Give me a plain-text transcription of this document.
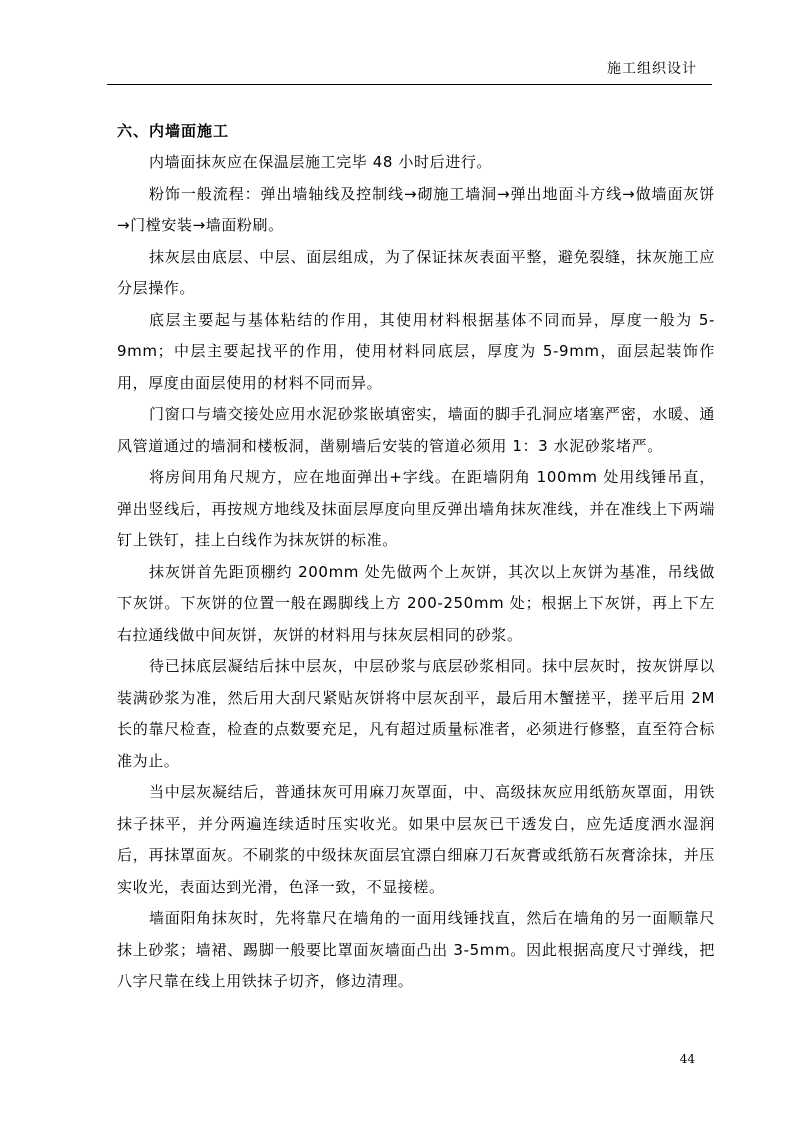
施工组织设计
六、内墙面施工

内墙面抹灰应在保温层施工完毕 48 小时后进行。

粉饰一般流程：弹出墙轴线及控制线→砌施工墙洞→弹出地面斗方线→做墙面灰饼→门樘安装→墙面粉刷。

抹灰层由底层、中层、面层组成，为了保证抹灰表面平整，避免裂缝，抹灰施工应分层操作。

底层主要起与基体粘结的作用，其使用材料根据基体不同而异，厚度一般为 5-9mm；中层主要起找平的作用，使用材料同底层，厚度为 5-9mm，面层起装饰作用，厚度由面层使用的材料不同而异。

门窗口与墙交接处应用水泥砂浆嵌填密实，墙面的脚手孔洞应堵塞严密，水暖、通风管道通过的墙洞和楼板洞，凿剔墙后安装的管道必须用 1：3 水泥砂浆堵严。

将房间用角尺规方，应在地面弹出+字线。在距墙阴角 100mm 处用线锤吊直，弹出竖线后，再按规方地线及抹面层厚度向里反弹出墙角抹灰准线，并在准线上下两端钉上铁钉，挂上白线作为抹灰饼的标准。

抹灰饼首先距顶棚约 200mm 处先做两个上灰饼，其次以上灰饼为基准，吊线做下灰饼。下灰饼的位置一般在踢脚线上方 200-250mm 处；根据上下灰饼，再上下左右拉通线做中间灰饼，灰饼的材料用与抹灰层相同的砂浆。

待已抹底层凝结后抹中层灰，中层砂浆与底层砂浆相同。抹中层灰时，按灰饼厚以装满砂浆为准，然后用大刮尺紧贴灰饼将中层灰刮平，最后用木蟹搓平，搓平后用 2M 长的靠尺检查，检查的点数要充足，凡有超过质量标准者，必须进行修整，直至符合标准为止。

当中层灰凝结后，普通抹灰可用麻刀灰罩面，中、高级抹灰应用纸筋灰罩面，用铁抹子抹平，并分两遍连续适时压实收光。如果中层灰已干透发白，应先适度洒水湿润后，再抹罩面灰。不刷浆的中级抹灰面层宜漂白细麻刀石灰膏或纸筋石灰膏涂抹，并压实收光，表面达到光滑，色泽一致，不显接槎。

墙面阳角抹灰时，先将靠尺在墙角的一面用线锤找直，然后在墙角的另一面顺靠尺抹上砂浆；墙裙、踢脚一般要比罩面灰墙面凸出 3-5mm。因此根据高度尺寸弹线，把八字尺靠在线上用铁抹子切齐，修边清理。

44
